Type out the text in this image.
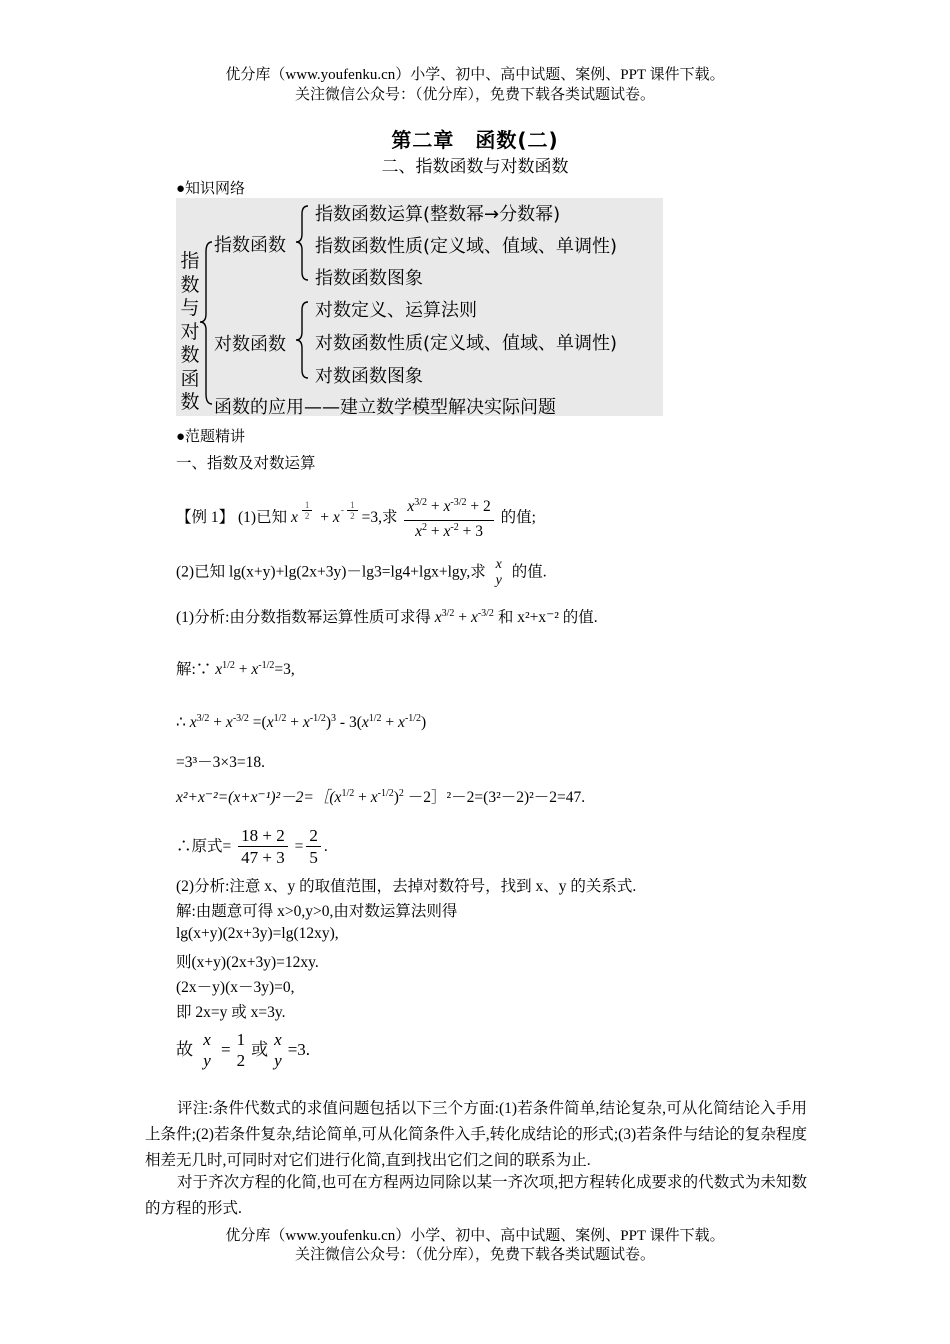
优分库（www.youfenku.cn）小学、初中、高中试题、案例、PPT 课件下载。
关注微信公众号：（优分库），免费下载各类试题试卷。
第二章　函数(二)
二、指数函数与对数函数
●知识网络
指
数
与
对
数
函
数
指数函数
指数函数运算(整数幂→分数幂)
指数函数性质(定义域、值域、单调性)
指数函数图象
对数函数
对数定义、运算法则
对数函数性质(定义域、值域、单调性)
对数函数图象
函数的应用——建立数学模型解决实际问题
●范题精讲
一、指数及对数运算
【例 1】 (1)已知 x $\frac{1}{2} + x- \frac{1}{2} =3$,求 $\frac{x^{3/2} + x^{-3/2} + 2}{x^2 + x^{-2} + 3}$ 的值;
(2)已知 lg(x+y)+lg(2x+3y)－lg3=lg4+lgx+lgy,求 x
y 的值.
(1)分析:由分数指数幂运算性质可求得 $x^{3/2} + x^{-3/2}$ 和 x²+x⁻² 的值.
解:∵ $x^{1/2} + x^{-1/2}=3$,
∴ $x^{3/2} + x^{-3/2} =(x^{1/2} + x^{-1/2})^3 - 3(x^{1/2} + x^{-1/2})$
=3³－3×3=18.
$x^2+x^{-2}=(x+x^{-1})^2-2=[(x^{1/2} + x^{-1/2})^2$ －2］²－2=(3²－2)²－2=47.
∴原式= $\frac{18 + 2}{47 + 3} = \frac{2}{5}$ .
(2)分析:注意 x、y 的取值范围，去掉对数符号，找到 x、y 的关系式.
解:由题意可得 x>0,y>0,由对数运算法则得
lg(x+y)(2x+3y)=lg(12xy),
则(x+y)(2x+3y)=12xy.
(2x－y)(x－3y)=0,
即 2x=y 或 x=3y.
故
x
y
=
1
2
或
x
y
=3.
评注:条件代数式的求值问题包括以下三个方面:(1)若条件简单,结论复杂,可从化简结论入手用上条件;(2)若条件复杂,结论简单,可从化简条件入手,转化成结论的形式;(3)若条件与结论的复杂程度相差无几时,可同时对它们进行化简,直到找出它们之间的联系为止.
对于齐次方程的化简,也可在方程两边同除以某一齐次项,把方程转化成要求的代数式为未知数的方程的形式.
优分库（www.youfenku.cn）小学、初中、高中试题、案例、PPT 课件下载。
关注微信公众号：（优分库），免费下载各类试题试卷。
